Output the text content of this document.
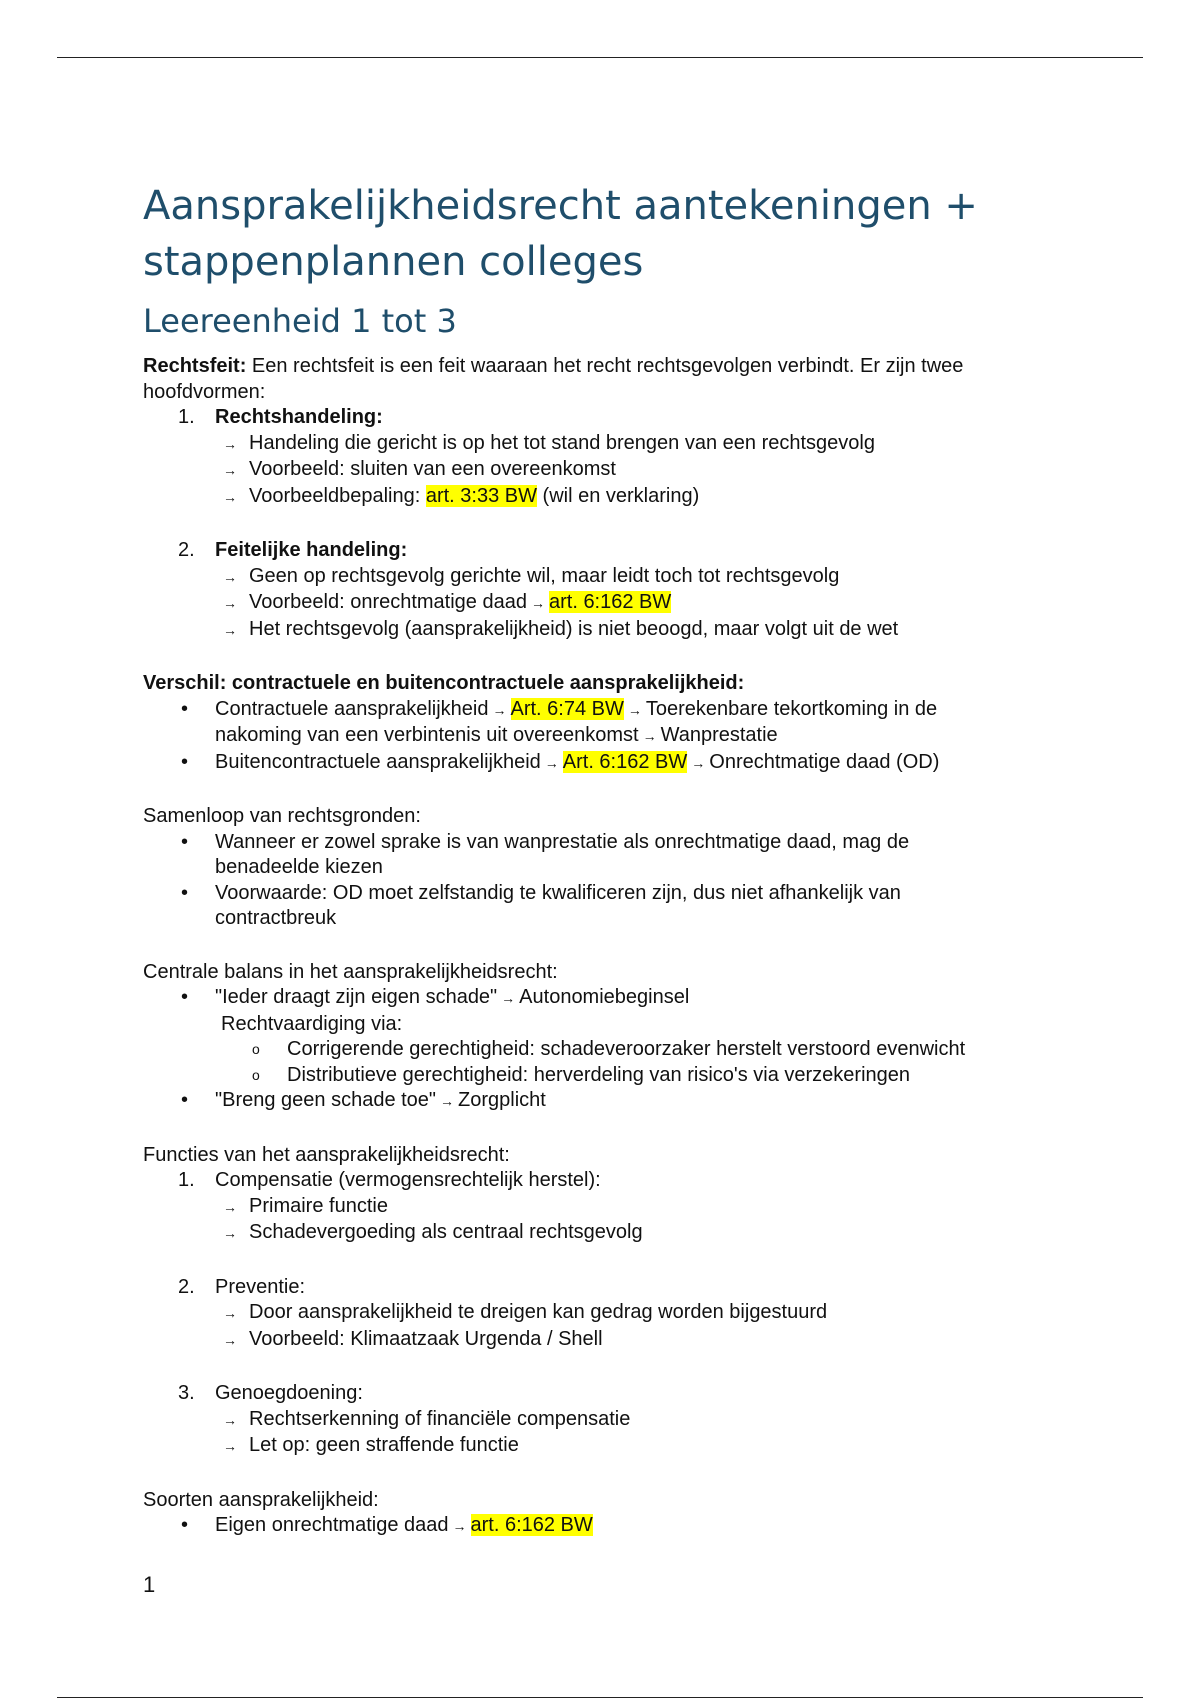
Aansprakelijkheidsrecht aantekeningen +
stappenplannen colleges
Leereenheid 1 tot 3
Rechtsfeit: Een rechtsfeit is een feit waaraan het recht rechtsgevolgen verbindt. Er zijn twee hoofdvormen:
1. Rechtshandeling:
→ Handeling die gericht is op het tot stand brengen van een rechtsgevolg
→ Voorbeeld: sluiten van een overeenkomst
→ Voorbeeldbepaling: art. 3:33 BW (wil en verklaring)
2. Feitelijke handeling:
→ Geen op rechtsgevolg gerichte wil, maar leidt toch tot rechtsgevolg
→ Voorbeeld: onrechtmatige daad → art. 6:162 BW
→ Het rechtsgevolg (aansprakelijkheid) is niet beoogd, maar volgt uit de wet
Verschil: contractuele en buitencontractuele aansprakelijkheid:
• Contractuele aansprakelijkheid → Art. 6:74 BW → Toerekenbare tekortkoming in de
nakoming van een verbintenis uit overeenkomst → Wanprestatie
• Buitencontractuele aansprakelijkheid → Art. 6:162 BW → Onrechtmatige daad (OD)
Samenloop van rechtsgronden:
• Wanneer er zowel sprake is van wanprestatie als onrechtmatige daad, mag de
benadeelde kiezen
• Voorwaarde: OD moet zelfstandig te kwalificeren zijn, dus niet afhankelijk van
contractbreuk
Centrale balans in het aansprakelijkheidsrecht:
• "Ieder draagt zijn eigen schade" → Autonomiebeginsel
Rechtvaardiging via:
o Corrigerende gerechtigheid: schadeveroorzaker herstelt verstoord evenwicht
o Distributieve gerechtigheid: herverdeling van risico's via verzekeringen
• "Breng geen schade toe" → Zorgplicht
Functies van het aansprakelijkheidsrecht:
1. Compensatie (vermogensrechtelijk herstel):
→ Primaire functie
→ Schadevergoeding als centraal rechtsgevolg
2. Preventie:
→ Door aansprakelijkheid te dreigen kan gedrag worden bijgestuurd
→ Voorbeeld: Klimaatzaak Urgenda / Shell
3. Genoegdoening:
→ Rechtserkenning of financiële compensatie
→ Let op: geen straffende functie
Soorten aansprakelijkheid:
• Eigen onrechtmatige daad → art. 6:162 BW
1
